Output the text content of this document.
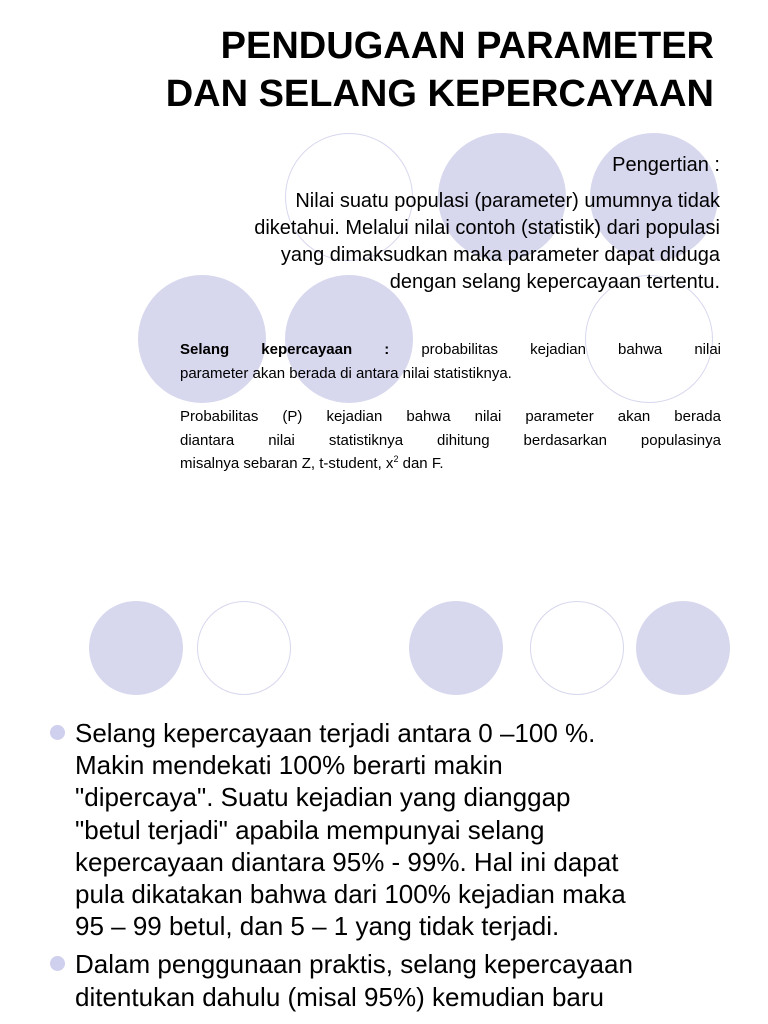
PENDUGAAN PARAMETER
DAN SELANG KEPERCAYAAN
Pengertian :
Nilai suatu populasi (parameter) umumnya tidak
diketahui. Melalui nilai contoh (statistik) dari populasi
yang dimaksudkan maka parameter dapat diduga
dengan selang kepercayaan tertentu.
Selang kepercayaan : probabilitas kejadian bahwa nilai
parameter akan berada di antara nilai statistiknya.
Probabilitas (P) kejadian bahwa nilai parameter akan berada
diantara nilai statistiknya dihitung berdasarkan populasinya
misalnya sebaran Z, t-student, $x^2$ dan F.
Selang kepercayaan terjadi antara 0 –100 %.
Makin mendekati 100% berarti makin
"dipercaya". Suatu kejadian yang dianggap
"betul terjadi" apabila mempunyai selang
kepercayaan diantara 95% - 99%. Hal ini dapat
pula dikatakan bahwa dari 100% kejadian maka
95 – 99 betul, dan 5 – 1 yang tidak terjadi.
Dalam penggunaan praktis, selang kepercayaan
ditentukan dahulu (misal 95%) kemudian baru
